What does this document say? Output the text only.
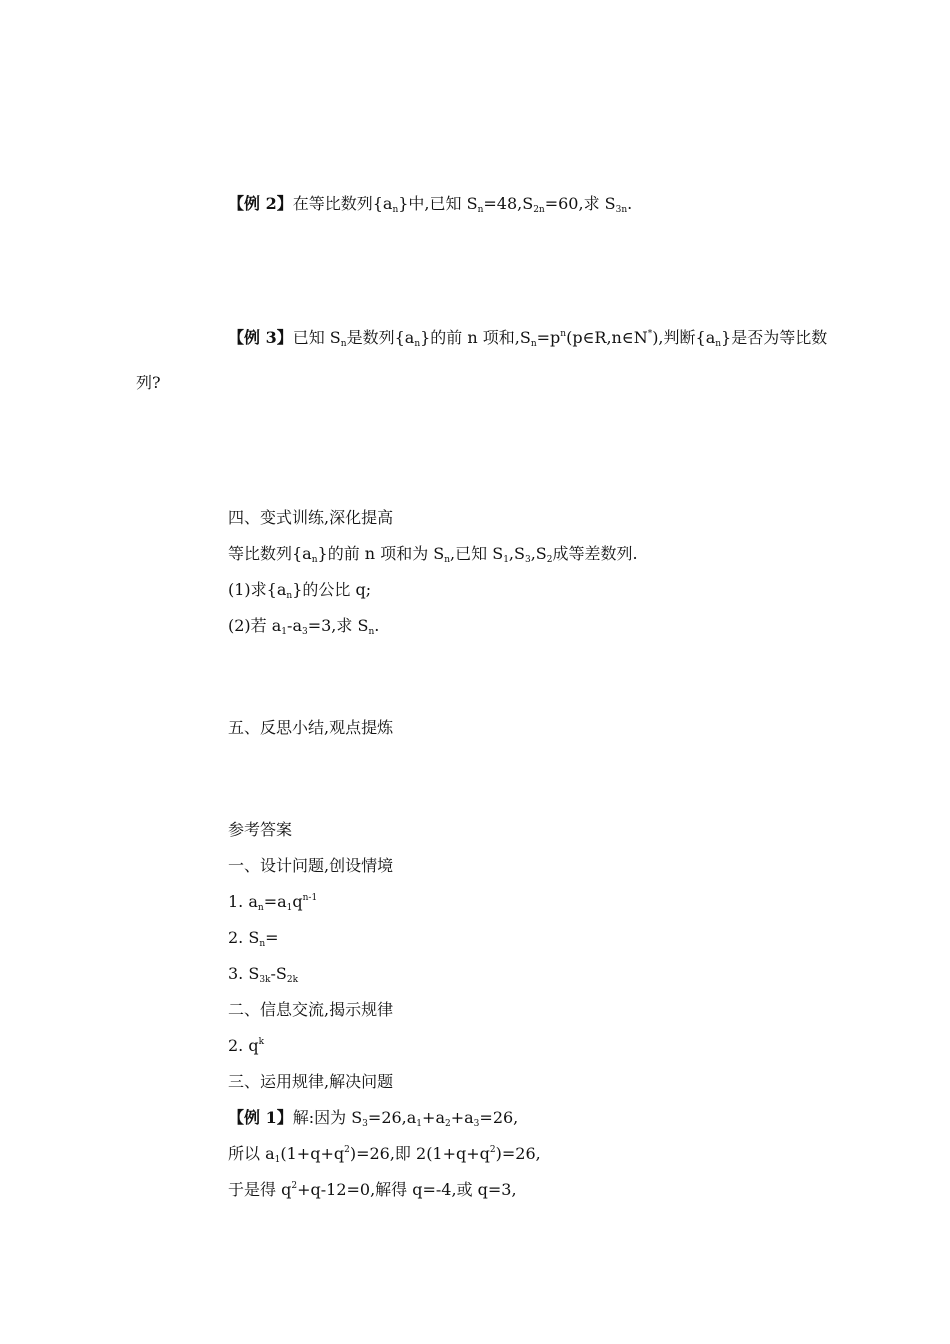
【例 2】在等比数列$\{a_n\}$中,已知 $S_n=48,S_{2n}=60$,求 $S_{3n}$.
【例 3】已知 $S_n$是数列$\{a_n\}$的前 n 项和$,S_n=p^n(p\in R,n\in N^*)$,判断$\{a_n\}$是否为等比数
列?
四、变式训练,深化提高
等比数列$\{a_n\}$的前 n 项和为 $S_n$,已知 $S_1,S_3,S_2$成等差数列.
(1)求$\{a_n\}$的公比 q;
(2)若 $a_1-a_3=3$,求 $S_n$.
五、反思小结,观点提炼
参考答案
一、设计问题,创设情境
1. $a_n=a_1q^{n-1}$
2. $S_n=$
3. $S_{3k}-S_{2k}$
二、信息交流,揭示规律
2. $q^k$
三、运用规律,解决问题
【例 1】解:因为 $S_3=26,a_1+a_2+a_3=26$,
所以 $a_1(1+q+q^2)=26$,即 $2(1+q+q^2)=26$,
于是得 $q^2+q-12=0$,解得 q=-4,或 q=3,
